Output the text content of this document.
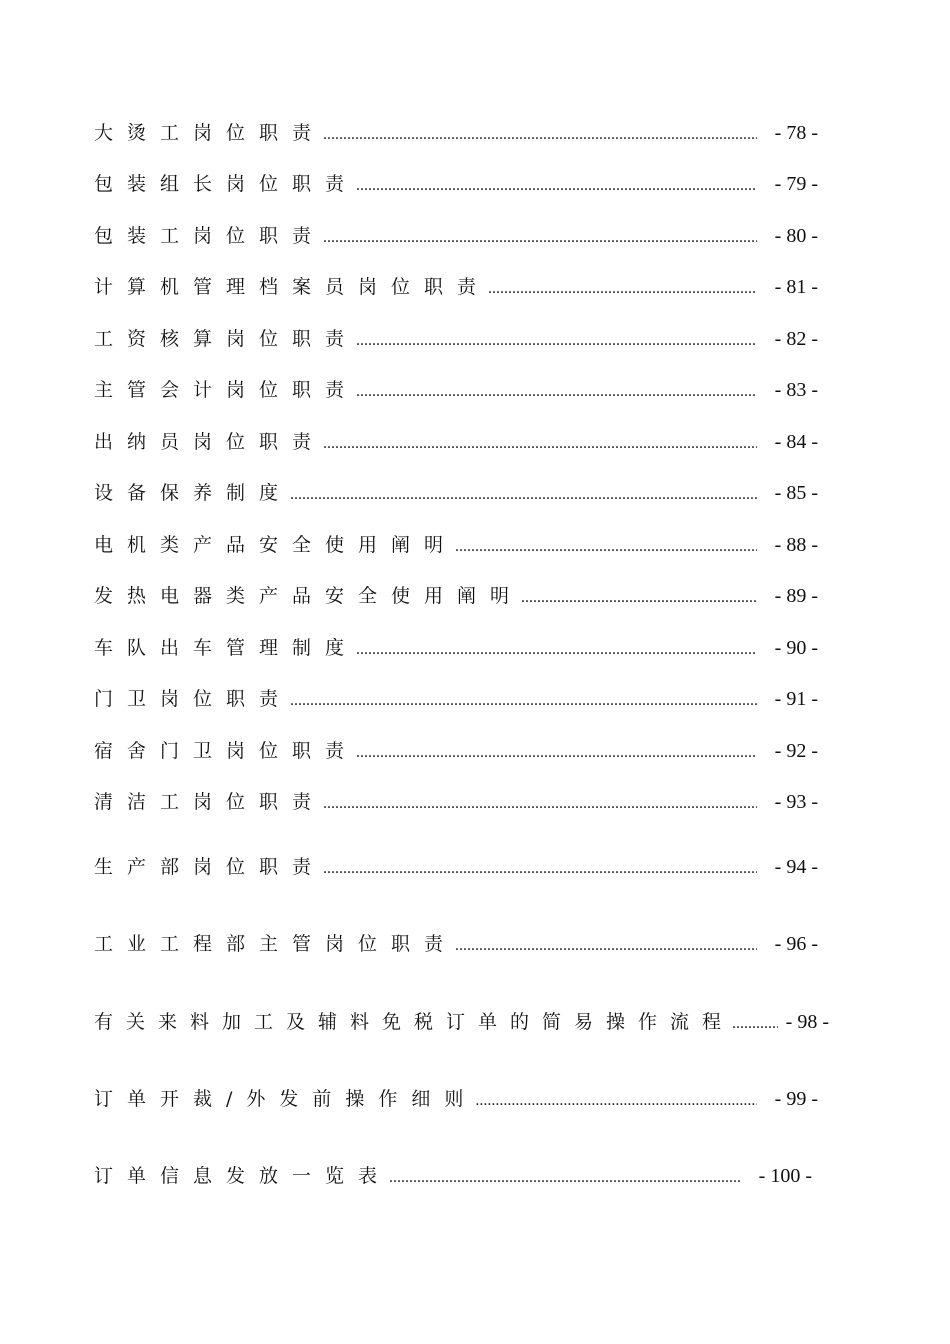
大烫工岗位职责 .....	- 78 -
包装组长岗位职责 .....	- 79 -
包装工岗位职责 .....	- 80 -
计算机管理档案员岗位职责 .....	- 81 -
工资核算岗位职责 .....	- 82 -
主管会计岗位职责 .....	- 83 -
出纳员岗位职责 .....	- 84 -
设备保养制度 .....	- 85 -
电机类产品安全使用阐明 .....	- 88 -
发热电器类产品安全使用阐明 .....	- 89 -
车队出车管理制度 .....	- 90 -
门卫岗位职责 .....	- 91 -
宿舍门卫岗位职责 .....	- 92 -
清洁工岗位职责 .....	- 93 -
生产部岗位职责 .....	- 94 -
工业工程部主管岗位职责 .....	- 96 -
有关来料加工及辅料免税订单的简易操作流程 .....	- 98 -
订单开裁/外发前操作细则 .....	- 99 -
订单信息发放一览表 .....	- 100 -
